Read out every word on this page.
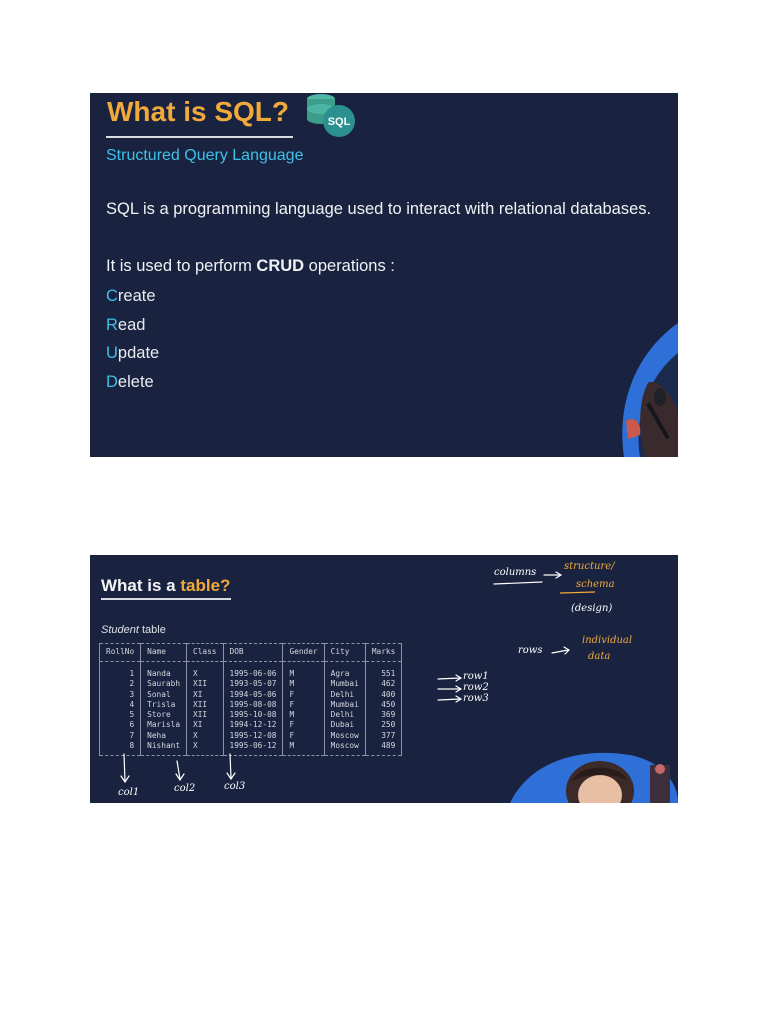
What is SQL?	SQL

Structured Query Language

SQL is a programming language used to interact with relational databases.

It is used to perform CRUD operations :

Create
Read
Update
Delete
What is a table?

Student table

RollNo	Name	Class	DOB	Gender	City	Marks
1	Nanda	X	1995-06-06	M	Agra	551
2	Saurabh	XII	1993-05-07	M	Mumbai	462
3	Sonal	XI	1994-05-06	F	Delhi	400
4	Trisla	XII	1995-08-08	F	Mumbai	450
5	Store	XII	1995-10-08	M	Delhi	369
6	Marisla	XI	1994-12-12	F	Dubai	250
7	Neha	X	1995-12-08	F	Moscow	377
8	Nishant	X	1995-06-12	M	Moscow	489

columns

structure/

schema

(design)

rows

individual

data

row1

row2

row3

col1	col2	col3
